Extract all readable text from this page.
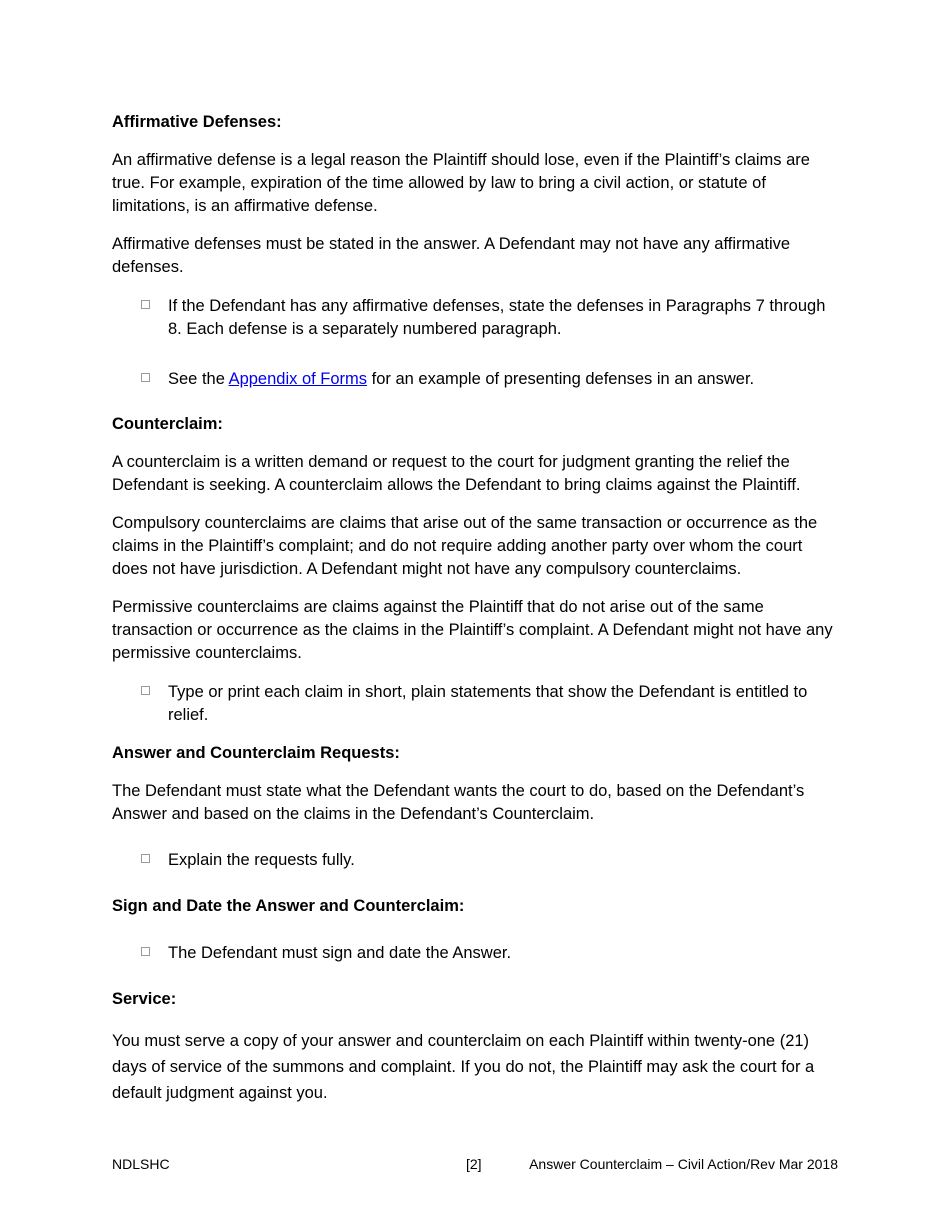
Affirmative Defenses:

An affirmative defense is a legal reason the Plaintiff should lose, even if the Plaintiff’s claims are true. For example, expiration of the time allowed by law to bring a civil action, or statute of limitations, is an affirmative defense.

Affirmative defenses must be stated in the answer. A Defendant may not have any affirmative defenses.

If the Defendant has any affirmative defenses, state the defenses in Paragraphs 7 through 8. Each defense is a separately numbered paragraph.
See the Appendix of Forms for an example of presenting defenses in an answer.
Counterclaim:

A counterclaim is a written demand or request to the court for judgment granting the relief the Defendant is seeking. A counterclaim allows the Defendant to bring claims against the Plaintiff.

Compulsory counterclaims are claims that arise out of the same transaction or occurrence as the claims in the Plaintiff’s complaint; and do not require adding another party over whom the court does not have jurisdiction. A Defendant might not have any compulsory counterclaims.

Permissive counterclaims are claims against the Plaintiff that do not arise out of the same transaction or occurrence as the claims in the Plaintiff’s complaint. A Defendant might not have any permissive counterclaims.

Type or print each claim in short, plain statements that show the Defendant is entitled to relief.
Answer and Counterclaim Requests:

The Defendant must state what the Defendant wants the court to do, based on the Defendant’s Answer and based on the claims in the Defendant’s Counterclaim.

Explain the requests fully.
Sign and Date the Answer and Counterclaim:
The Defendant must sign and date the Answer.
Service:

You must serve a copy of your answer and counterclaim on each Plaintiff within twenty-one (21) days of service of the summons and complaint. If you do not, the Plaintiff may ask the court for a default judgment against you.

NDLSHC	[2]	Answer Counterclaim – Civil Action/Rev Mar 2018
